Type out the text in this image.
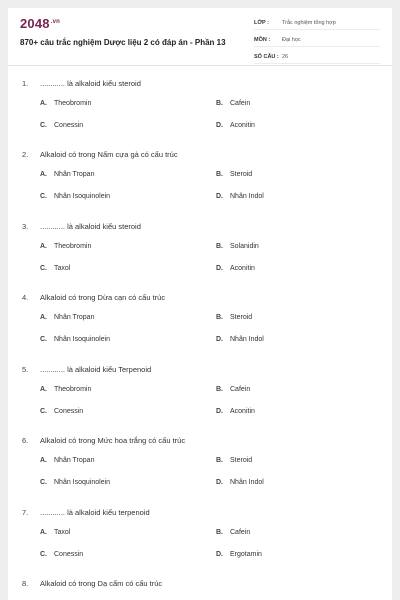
$2048^{.vn}$
870+ câu trắc nghiệm Dược liệu 2 có đáp án - Phần 13
LỚP :	Trắc nghiệm tổng hợp
MÔN :	Đại học
SỐ CÂU : 26
1.	............ là alkaloid kiểu steroid
A.	Theobromin	B.	Cafein
C.	Conessin	D.	Aconitin
2.	Alkaloid có trong Nấm cựa gà có cấu trúc
A.	Nhân Tropan	B.	Steroid
C.	Nhân Isoquinolein	D.	Nhân Indol
3.	............ là alkaloid kiểu steroid
A.	Theobromin	B.	Solanidin
C.	Taxol	D.	Aconitin
4.	Alkaloid có trong Dừa cạn có cấu trúc
A.	Nhân Tropan	B.	Steroid
C.	Nhân Isoquinolein	D.	Nhân Indol
5.	............ là alkaloid kiểu Terpenoid
A.	Theobromin	B.	Cafein
C.	Conessin	D.	Aconitin
6.	Alkaloid có trong Mức hoa trắng có cấu trúc
A.	Nhân Tropan	B.	Steroid
C.	Nhân Isoquinolein	D.	Nhân Indol
7.	............ là alkaloid kiểu terpenoid
A.	Taxol	B.	Cafein
C.	Conessin	D.	Ergotamin
8.	Alkaloid có trong Dạ cẩm có cấu trúc
